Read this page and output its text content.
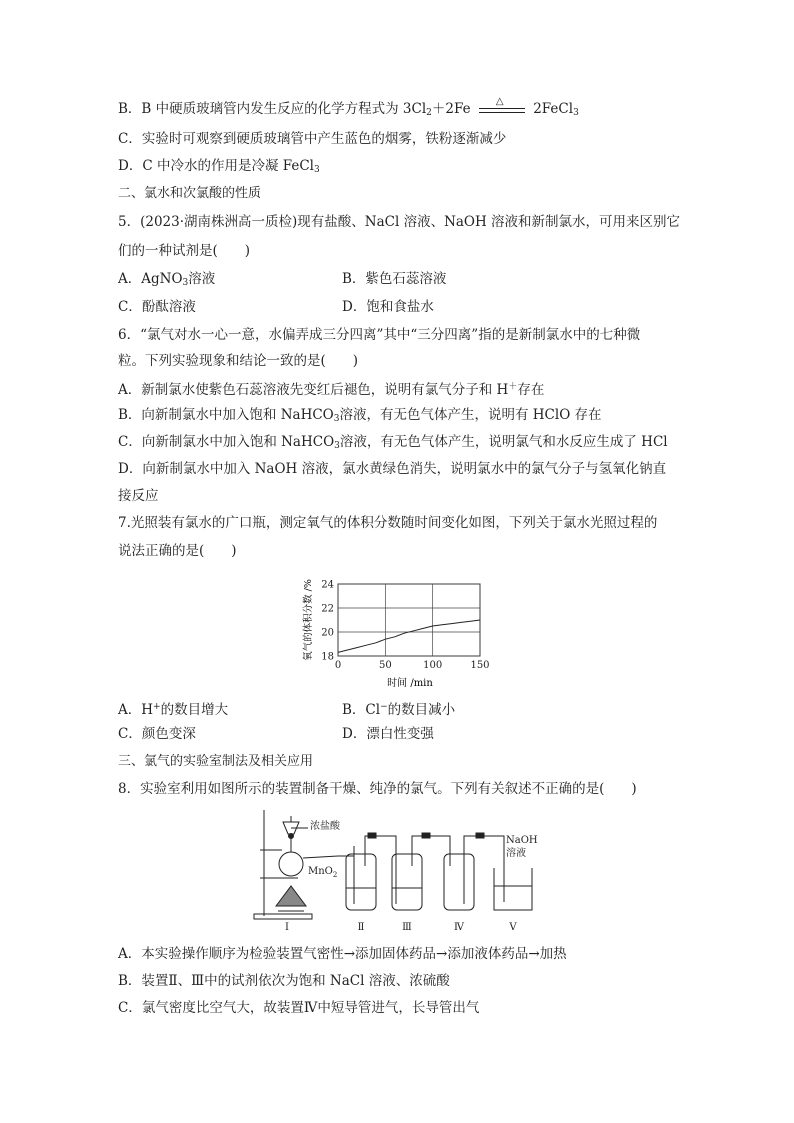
B．B 中硬质玻璃管内发生反应的化学方程式为 $3Cl_2+2Fe$	△ 2FeCl$_3$
C．实验时可观察到硬质玻璃管中产生蓝色的烟雾，铁粉逐渐减少
D．C 中冷水的作用是冷凝 FeCl$_3$
二、氯水和次氯酸的性质
5．(2023·湖南株洲高一质检)现有盐酸、NaCl 溶液、NaOH 溶液和新制氯水，可用来区别它
们的一种试剂是(　　)
A．AgNO$_3$溶液	B．紫色石蕊溶液
C．酚酞溶液	D．饱和食盐水
6．“氯气对水一心一意，水偏弄成三分四离”其中“三分四离”指的是新制氯水中的七种微
粒。下列实验现象和结论一致的是(　　)
A．新制氯水使紫色石蕊溶液先变红后褪色，说明有氯气分子和 H＋存在
B．向新制氯水中加入饱和 NaHCO$_3$溶液，有无色气体产生，说明有 HClO 存在
C．向新制氯水中加入饱和 NaHCO$_3$溶液，有无色气体产生，说明氯气和水反应生成了 HCl
D．向新制氯水中加入 NaOH 溶液，氯水黄绿色消失，说明氯水中的氯气分子与氢氧化钠直
接反应
7.光照装有氯水的广口瓶，测定氧气的体积分数随时间变化如图，下列关于氯水光照过程的
说法正确的是(　　)
18
20
22
24
0	50	100	150
时间 /min
氧气的体积分数 /%
A．H+的数目增大	B．Cl−的数目减小
C．颜色变深	D．漂白性变强
三、氯气的实验室制法及相关应用
8．实验室利用如图所示的装置制备干燥、纯净的氯气。下列有关叙述不正确的是(　　)
浓盐酸
MnO$_2$
NaOH
溶液
Ⅰ	Ⅱ	Ⅲ	Ⅳ	Ⅴ
A．本实验操作顺序为检验装置气密性→添加固体药品→添加液体药品→加热
B．装置Ⅱ、Ⅲ中的试剂依次为饱和 NaCl 溶液、浓硫酸
C．氯气密度比空气大，故装置Ⅳ中短导管进气，长导管出气
